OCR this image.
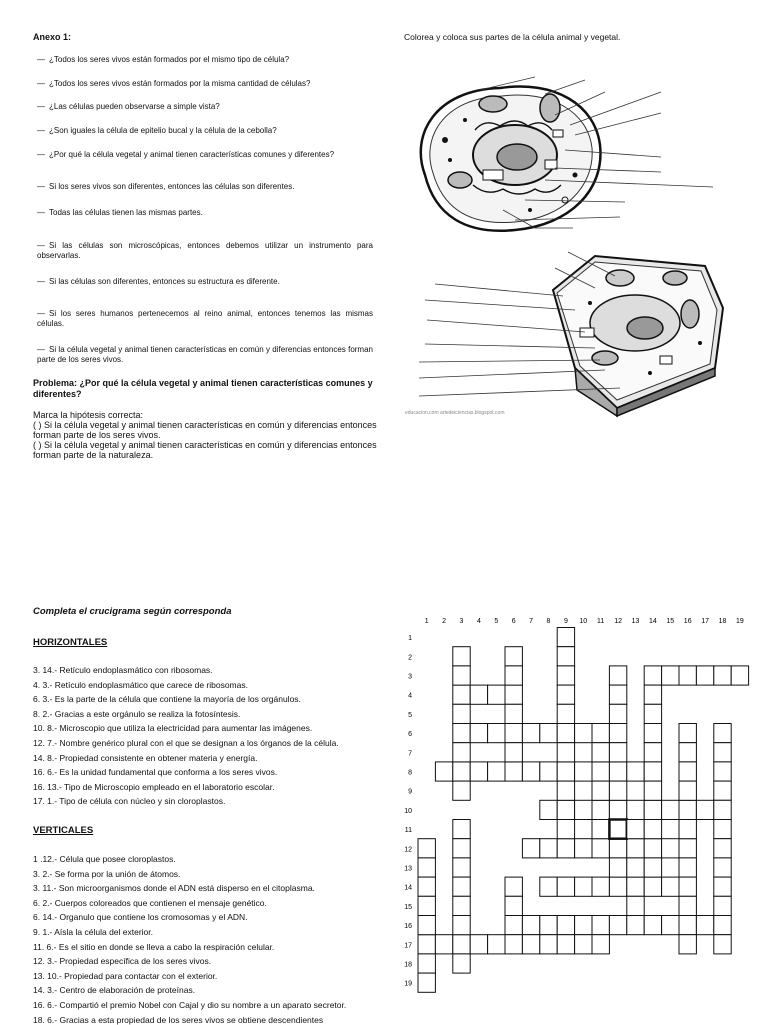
Anexo 1:
— ¿Todos los seres vivos están formados por el mismo tipo de célula?
— ¿Todos los seres vivos están formados por la misma cantidad de células?
— ¿Las células pueden observarse a simple vista?
— ¿Son iguales la célula de epitelio bucal y la célula de la cebolla?
— ¿Por qué la célula vegetal y animal tienen características comunes y diferentes?
— Si los seres vivos son diferentes, entonces las células son diferentes.
— Todas las células tienen las mismas partes.
— Si las células son microscópicas, entonces debemos utilizar un instrumento para observarlas.
— Si las células son diferentes, entonces su estructura es diferente.
— Si los seres humanos pertenecemos al reino animal, entonces tenemos las mismas células.
— Si la célula vegetal y animal tienen características en común y diferencias entonces forman parte de los seres vivos.
Problema: ¿Por qué la célula vegetal y animal tienen características comunes y diferentes?
Marca la hipótesis correcta:
( ) Si la célula vegetal y animal tienen características en común y diferencias entonces forman parte de los seres vivos.
( ) Si la célula vegetal y animal tienen características en común y diferencias entonces forman parte de la naturaleza.
Colorea y coloca sus partes de la célula animal y vegetal.
educacion.com artedeiciencias.blogspot.com
Completa el crucigrama según corresponda
HORIZONTALES
3. 14.- Retículo endoplasmático con ribosomas.
4. 3.- Retículo endoplasmático que carece de ribosomas.
6. 3.- Es la parte de la célula que contiene la mayoría de los orgánulos.
8. 2.- Gracias a este orgánulo se realiza la fotosíntesis.
10. 8.- Microscopio que utiliza la electricidad para aumentar las imágenes.
12. 7.- Nombre genérico plural con el que se designan a los órganos de la célula.
14. 8.- Propiedad consistente en obtener materia y energía.
16. 6.- Es la unidad fundamental que conforma a los seres vivos.
16. 13.- Tipo de Microscopio empleado en el laboratorio escolar.
17. 1.- Tipo de célula con núcleo y sin cloroplastos.
VERTICALES
1 .12.- Célula que posee cloroplastos.
3. 2.- Se forma por la unión de átomos.
3. 11.- Son microorganismos donde el ADN está disperso en el citoplasma.
6. 2.- Cuerpos coloreados que contienen el mensaje genético.
6. 14.- Organulo que contiene los cromosomas y el ADN.
9. 1.- Aísla la célula del exterior.
11. 6.- Es el sitio en donde se lleva a cabo la respiración celular.
12. 3.- Propiedad específica de los seres vivos.
13. 10.- Propiedad para contactar con el exterior.
14. 3.- Centro de elaboración de proteínas.
16. 6.- Compartió el premio Nobel con Cajal y dio su nombre a un aparato secretor.
18. 6.- Gracias a esta propiedad de los seres vivos se obtiene descendientes
1 2 3 4 5 6 7 8 9 10 11 12 13 14 15 16 17 18 19
1
2
3
4
5
6
7
8
9
10
11
12
13
14
15
16
17
18
19
